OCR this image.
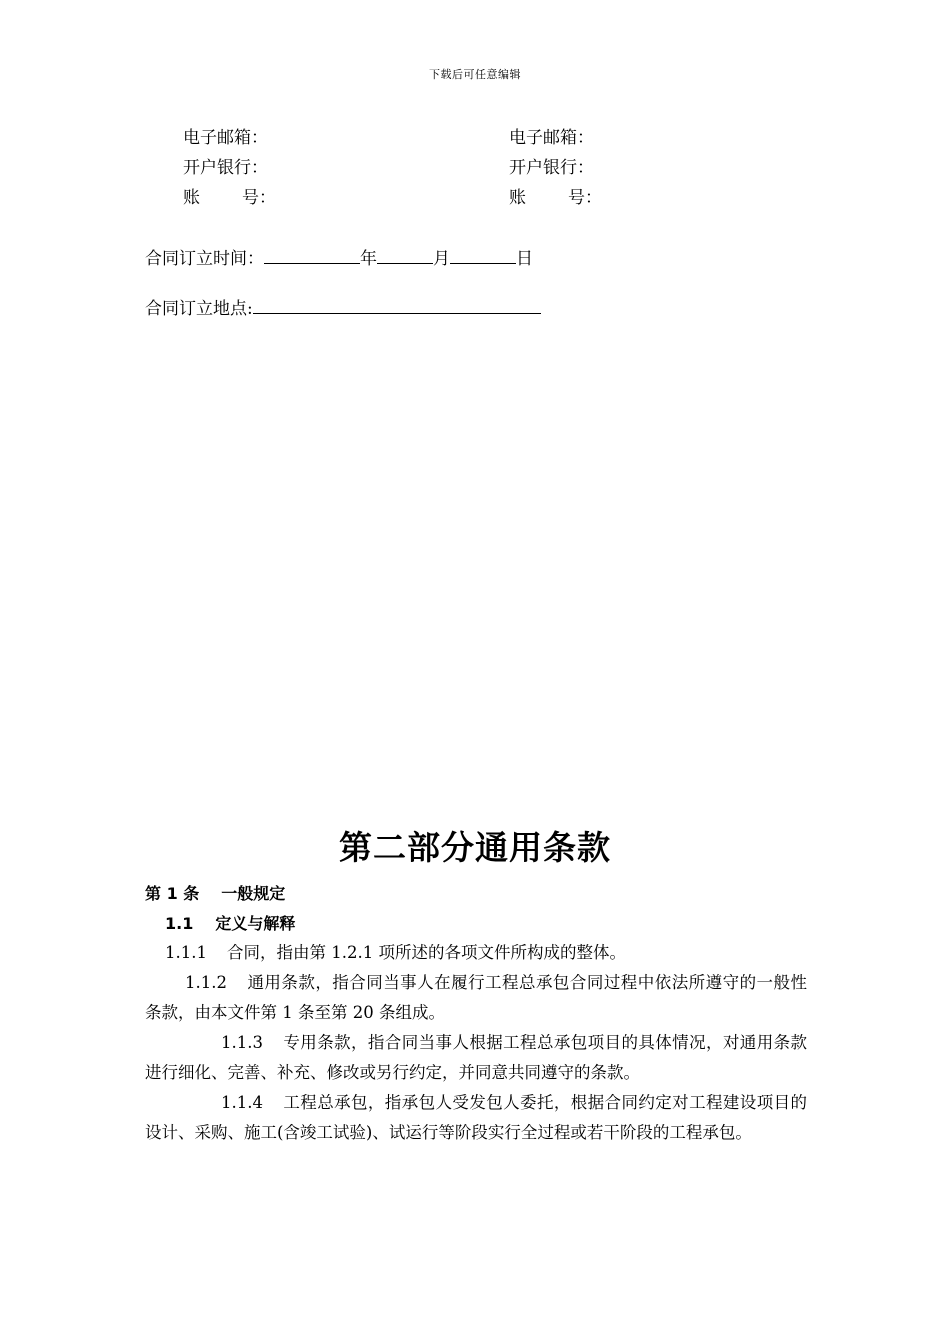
下载后可任意编辑
电子邮箱：
开户银行：
账 号：
电子邮箱：
开户银行：
账 号：
合同订立时间：	年	月	日
合同订立地点:
第二部分通用条款
第 1 条 一般规定
1.1 定义与解释
1.1.1 合同，指由第 1.2.1 项所述的各项文件所构成的整体。
1.1.2 通用条款，指合同当事人在履行工程总承包合同过程中依法所遵守的一般性条款，由本文件第 1 条至第 20 条组成。
1.1.3 专用条款，指合同当事人根据工程总承包项目的具体情况，对通用条款进行细化、完善、补充、修改或另行约定，并同意共同遵守的条款。
1.1.4 工程总承包，指承包人受发包人委托，根据合同约定对工程建设项目的设计、采购、施工(含竣工试验)、试运行等阶段实行全过程或若干阶段的工程承包。
